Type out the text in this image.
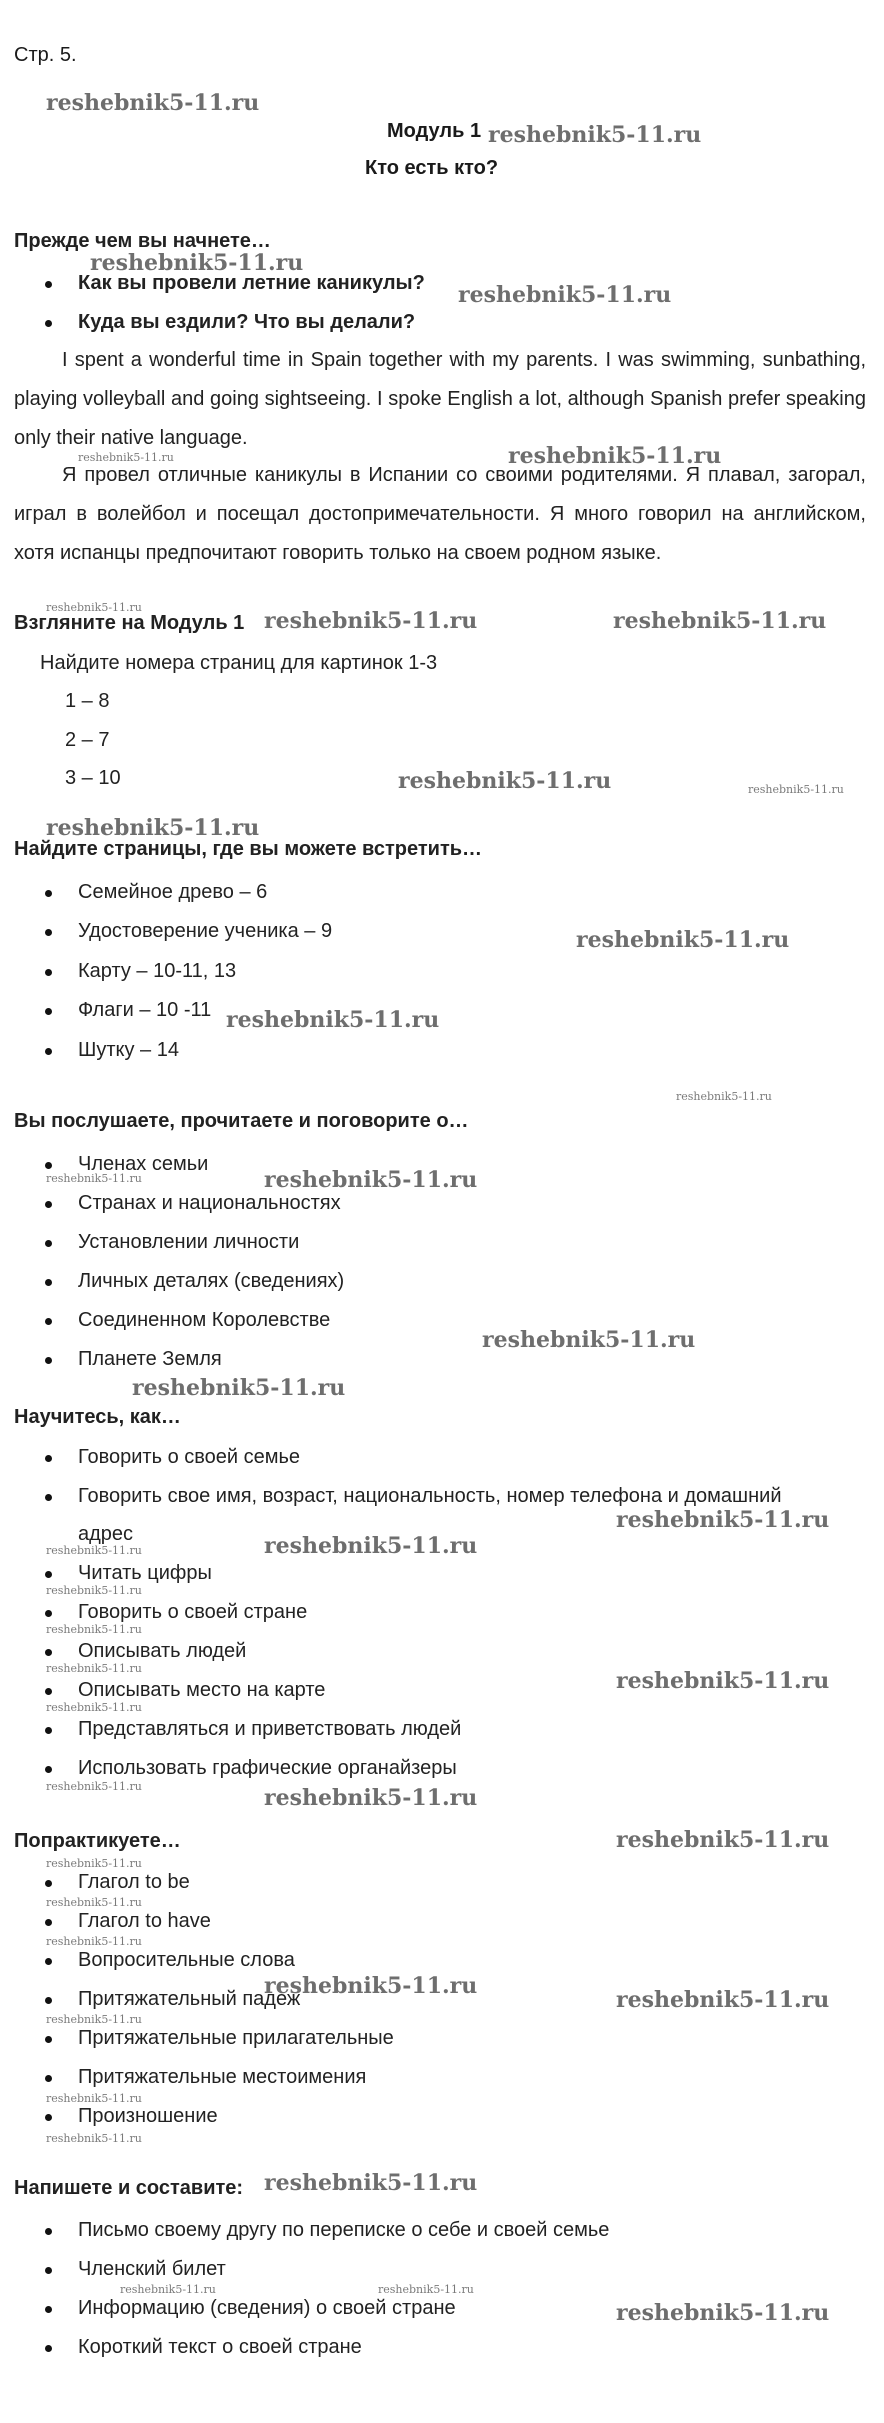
Стр. 5.
Модуль 1
Кто есть кто?
Прежде чем вы начнете…
Как вы провели летние каникулы?
Куда вы ездили? Что вы делали?
I spent a wonderful time in Spain together with my parents. I was swimming, sunbathing, playing volleyball and going sightseeing. I spoke English a lot, although Spanish prefer speaking only their native language.
Я провел отличные каникулы в Испании со своими родителями. Я плавал, загорал, играл в волейбол и посещал достопримечательности. Я много говорил на английском, хотя испанцы предпочитают говорить только на своем родном языке.
Взгляните на Модуль 1
Найдите номера страниц для картинок 1-3
1 – 8
2 – 7
3 – 10
Найдите страницы, где вы можете встретить…
Семейное древо – 6
Удостоверение ученика – 9
Карту – 10-11, 13
Флаги – 10 -11
Шутку – 14
Вы послушаете, прочитаете и поговорите о…
Членах семьи
Странах и национальностях
Установлении личности
Личных деталях (сведениях)
Соединенном Королевстве
Планете Земля
Научитесь, как…
Говорить о своей семье
Говорить свое имя, возраст, национальность, номер телефона и домашний
адрес
Читать цифры
Говорить о своей стране
Описывать людей
Описывать место на карте
Представляться и приветствовать людей
Использовать графические органайзеры
Попрактикуете…
Глагол to be
Глагол to have
Вопросительные слова
Притяжательный падеж
Притяжательные прилагательные
Притяжательные местоимения
Произношение
Напишете и составите:
Письмо своему другу по переписке о себе и своей семье
Членский билет
Информацию (сведения) о своей стране
Короткий текст о своей стране
reshebnik5-11.ru
reshebnik5-11.ru
reshebnik5-11.ru
reshebnik5-11.ru
reshebnik5-11.ru
reshebnik5-11.ru	reshebnik5-11.ru
reshebnik5-11.ru
reshebnik5-11.ru
reshebnik5-11.ru
reshebnik5-11.ru
reshebnik5-11.ru
reshebnik5-11.ru
reshebnik5-11.ru
reshebnik5-11.ru
reshebnik5-11.ru
reshebnik5-11.ru
reshebnik5-11.ru
reshebnik5-11.ru
reshebnik5-11.ru
reshebnik5-11.ru
reshebnik5-11.ru
reshebnik5-11.ru
reshebnik5-11.ru
reshebnik5-11.ru
reshebnik5-11.ru
reshebnik5-11.ru
reshebnik5-11.ru
reshebnik5-11.ru
reshebnik5-11.ru
reshebnik5-11.ru
reshebnik5-11.ru
reshebnik5-11.ru
reshebnik5-11.ru
reshebnik5-11.ru
reshebnik5-11.ru
reshebnik5-11.ru
reshebnik5-11.ru
reshebnik5-11.ru
reshebnik5-11.ru
reshebnik5-11.ru	reshebnik5-11.ru
